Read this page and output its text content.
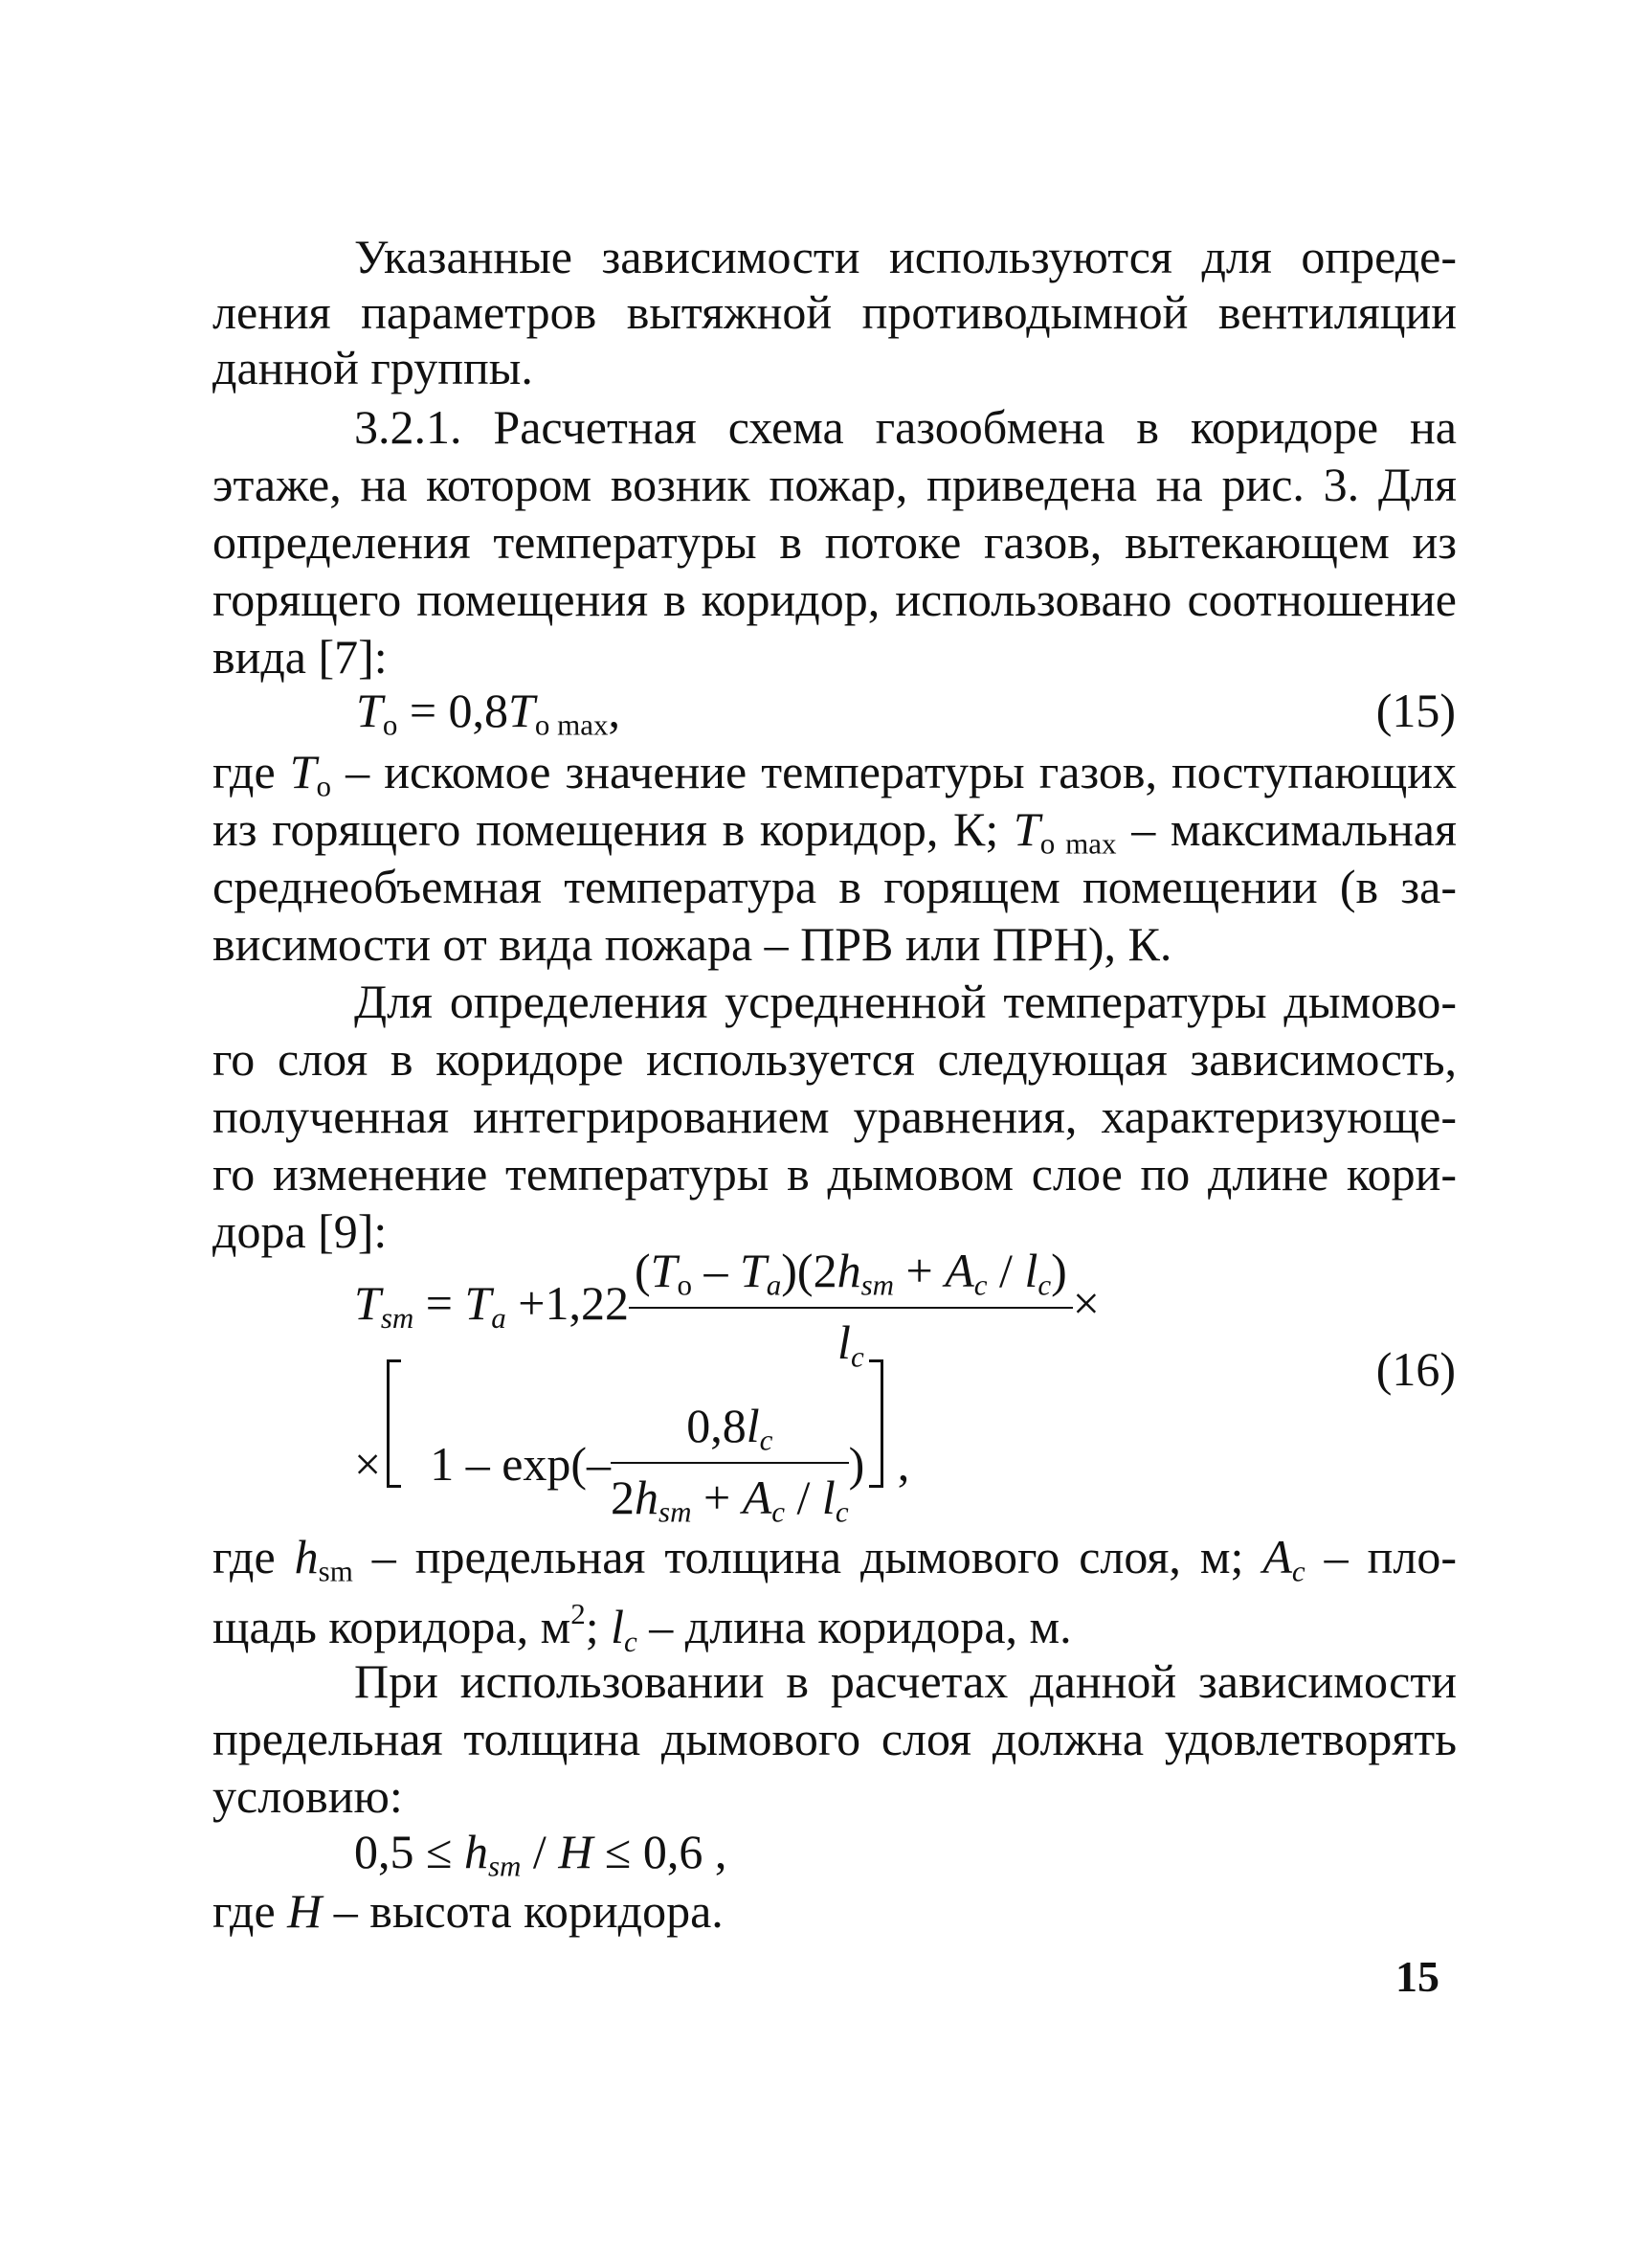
Указанные зависимости используются для опреде-
ления параметров вытяжной противодымной вентиляции
данной группы.
3.2.1. Расчетная схема газообмена в коридоре на
этаже, на котором возник пожар, приведена на рис. 3. Для
определения температуры в потоке газов, вытекающем из
горящего помещения в коридор, использовано соотношение
вида [7]:
$T_o = 0,8T_{o max}$,	(15)
где $T_o$ – искомое значение температуры газов, поступающих
из горящего помещения в коридор, К; $T_{o max}$ – максимальная
среднеобъемная температура в горящем помещении (в за-
висимости от вида пожара – ПРВ или ПРН), К.
Для определения усредненной температуры дымово-
го слоя в коридоре используется следующая зависимость,
полученная интегрированием уравнения, характеризующе-
го изменение температуры в дымовом слое по длине кори-
дора [9]:
$T_{sm} = T_a +1,22 \frac{(T_o - T_a)(2h_{sm} + A_c / l_c)}{l_c}$ ×
× $1 - \exp(- \frac{0,8l_c}{2h_{sm} + A_c / l_c}$ ) ,
(16)
где $h_{sm}$ – предельная толщина дымового слоя, м; $A_c - пло-$
щадь коридора, $м^2$; $l_c$ – длина коридора, м.
При использовании в расчетах данной зависимости
предельная толщина дымового слоя должна удовлетворять
условию:
$0,5 \le h_{sm} / H \le 0,6$ ,
где H – высота коридора.
15
